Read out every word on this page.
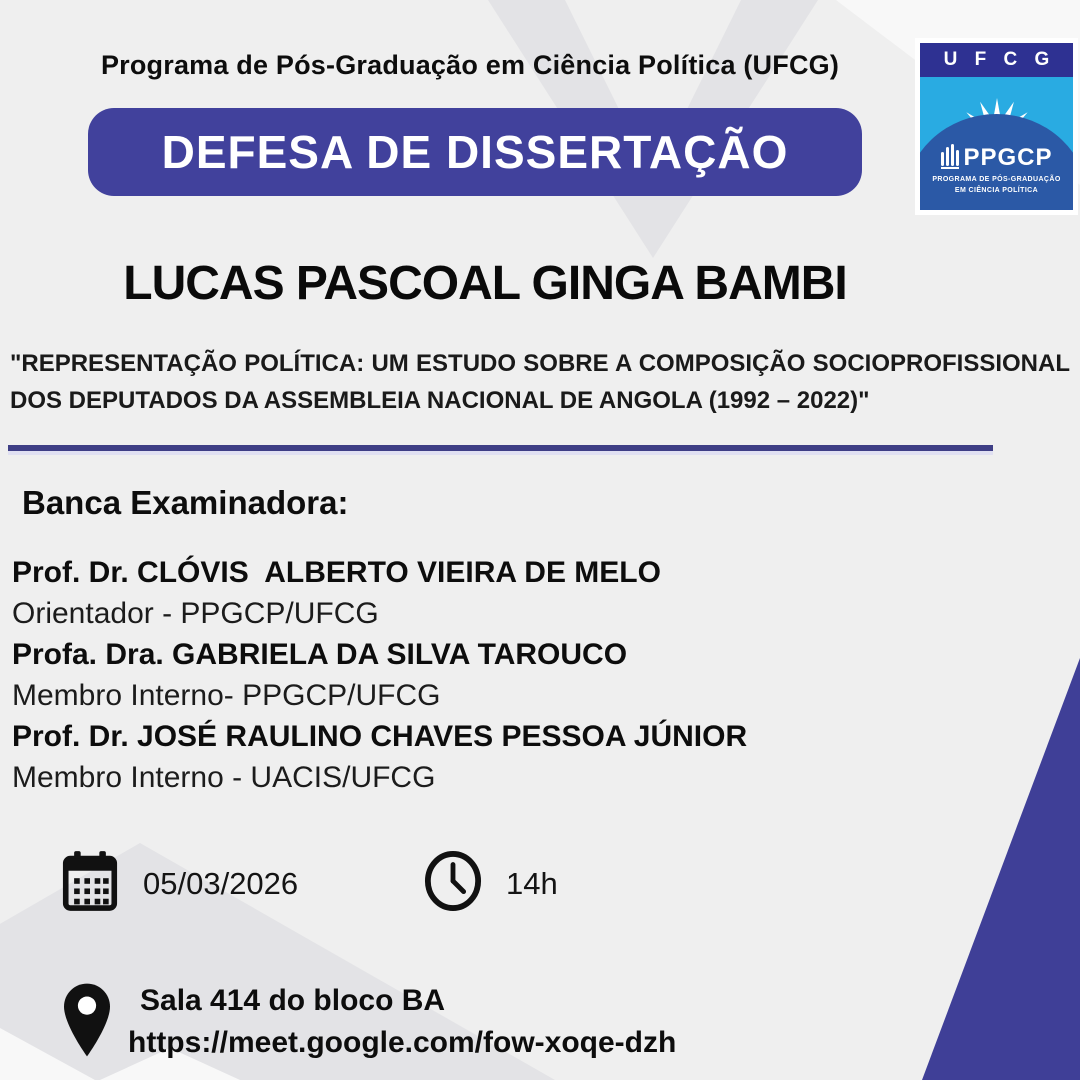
Programa de Pós-Graduação em Ciência Política (UFCG)
DEFESA DE DISSERTAÇÃO
U F C G
PPGCP
PROGRAMA DE PÓS-GRADUAÇÃO
EM CIÊNCIA POLÍTICA
LUCAS PASCOAL GINGA BAMBI
"REPRESENTAÇÃO POLÍTICA: UM ESTUDO SOBRE A COMPOSIÇÃO SOCIOPROFISSIONAL
DOS DEPUTADOS DA ASSEMBLEIA NACIONAL DE ANGOLA (1992 – 2022)"
Banca Examinadora:
Prof. Dr. CLÓVIS  ALBERTO VIEIRA DE MELO
Orientador - PPGCP/UFCG
Profa. Dra. GABRIELA DA SILVA TAROUCO
Membro Interno- PPGCP/UFCG
Prof. Dr. JOSÉ RAULINO CHAVES PESSOA JÚNIOR
Membro Interno - UACIS/UFCG
05/03/2026	14h
Sala 414 do bloco BA
https://meet.google.com/fow-xoqe-dzh
